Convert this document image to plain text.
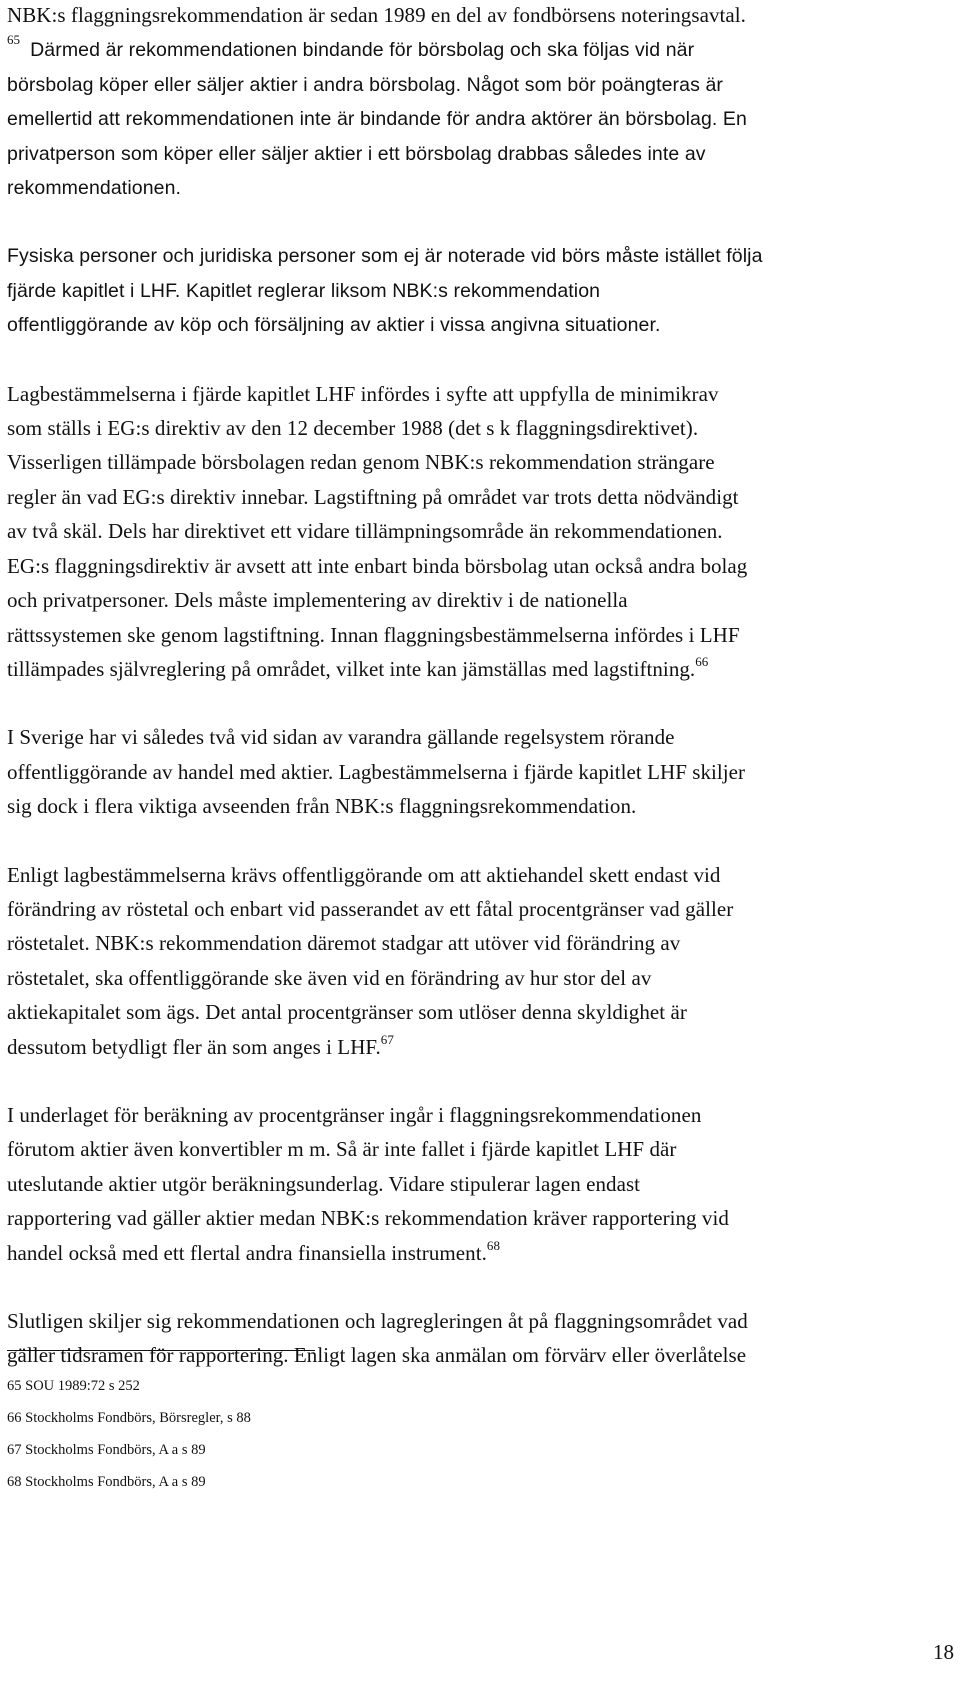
NBK:s flaggningsrekommendation är sedan 1989 en del av fondbörsens noteringsavtal.
$^{65}$ Därmed är rekommendationen bindande för börsbolag och ska följas vid när
börsbolag köper eller säljer aktier i andra börsbolag. Något som bör poängteras är
emellertid att rekommendationen inte är bindande för andra aktörer än börsbolag. En
privatperson som köper eller säljer aktier i ett börsbolag drabbas således inte av
rekommendationen.

Fysiska personer och juridiska personer som ej är noterade vid börs måste istället följa
fjärde kapitlet i LHF. Kapitlet reglerar liksom NBK:s rekommendation
offentliggörande av köp och försäljning av aktier i vissa angivna situationer.

Lagbestämmelserna i fjärde kapitlet LHF infördes i syfte att uppfylla de minimikrav
som ställs i EG:s direktiv av den 12 december 1988 (det s k flaggningsdirektivet).
Visserligen tillämpade börsbolagen redan genom NBK:s rekommendation strängare
regler än vad EG:s direktiv innebar. Lagstiftning på området var trots detta nödvändigt
av två skäl. Dels har direktivet ett vidare tillämpningsområde än rekommendationen.
EG:s flaggningsdirektiv är avsett att inte enbart binda börsbolag utan också andra bolag
och privatpersoner. Dels måste implementering av direktiv i de nationella
rättssystemen ske genom lagstiftning. Innan flaggningsbestämmelserna infördes i LHF
tillämpades självreglering på området, vilket inte kan jämställas med lagstiftning.$^{66}$

I Sverige har vi således två vid sidan av varandra gällande regelsystem rörande
offentliggörande av handel med aktier. Lagbestämmelserna i fjärde kapitlet LHF skiljer
sig dock i flera viktiga avseenden från NBK:s flaggningsrekommendation.

Enligt lagbestämmelserna krävs offentliggörande om att aktiehandel skett endast vid
förändring av röstetal och enbart vid passerandet av ett fåtal procentgränser vad gäller
röstetalet. NBK:s rekommendation däremot stadgar att utöver vid förändring av
röstetalet, ska offentliggörande ske även vid en förändring av hur stor del av
aktiekapitalet som ägs. Det antal procentgränser som utlöser denna skyldighet är
dessutom betydligt fler än som anges i LHF.$^{67}$

I underlaget för beräkning av procentgränser ingår i flaggningsrekommendationen
förutom aktier även konvertibler m m. Så är inte fallet i fjärde kapitlet LHF där
uteslutande aktier utgör beräkningsunderlag. Vidare stipulerar lagen endast
rapportering vad gäller aktier medan NBK:s rekommendation kräver rapportering vid
handel också med ett flertal andra finansiella instrument.$^{68}$

Slutligen skiljer sig rekommendationen och lagregleringen åt på flaggningsområdet vad
gäller tidsramen för rapportering. Enligt lagen ska anmälan om förvärv eller överlåtelse

65 SOU 1989:72 s 252
66 Stockholms Fondbörs, Börsregler, s 88
67 Stockholms Fondbörs, A a s 89
68 Stockholms Fondbörs, A a s 89
18
